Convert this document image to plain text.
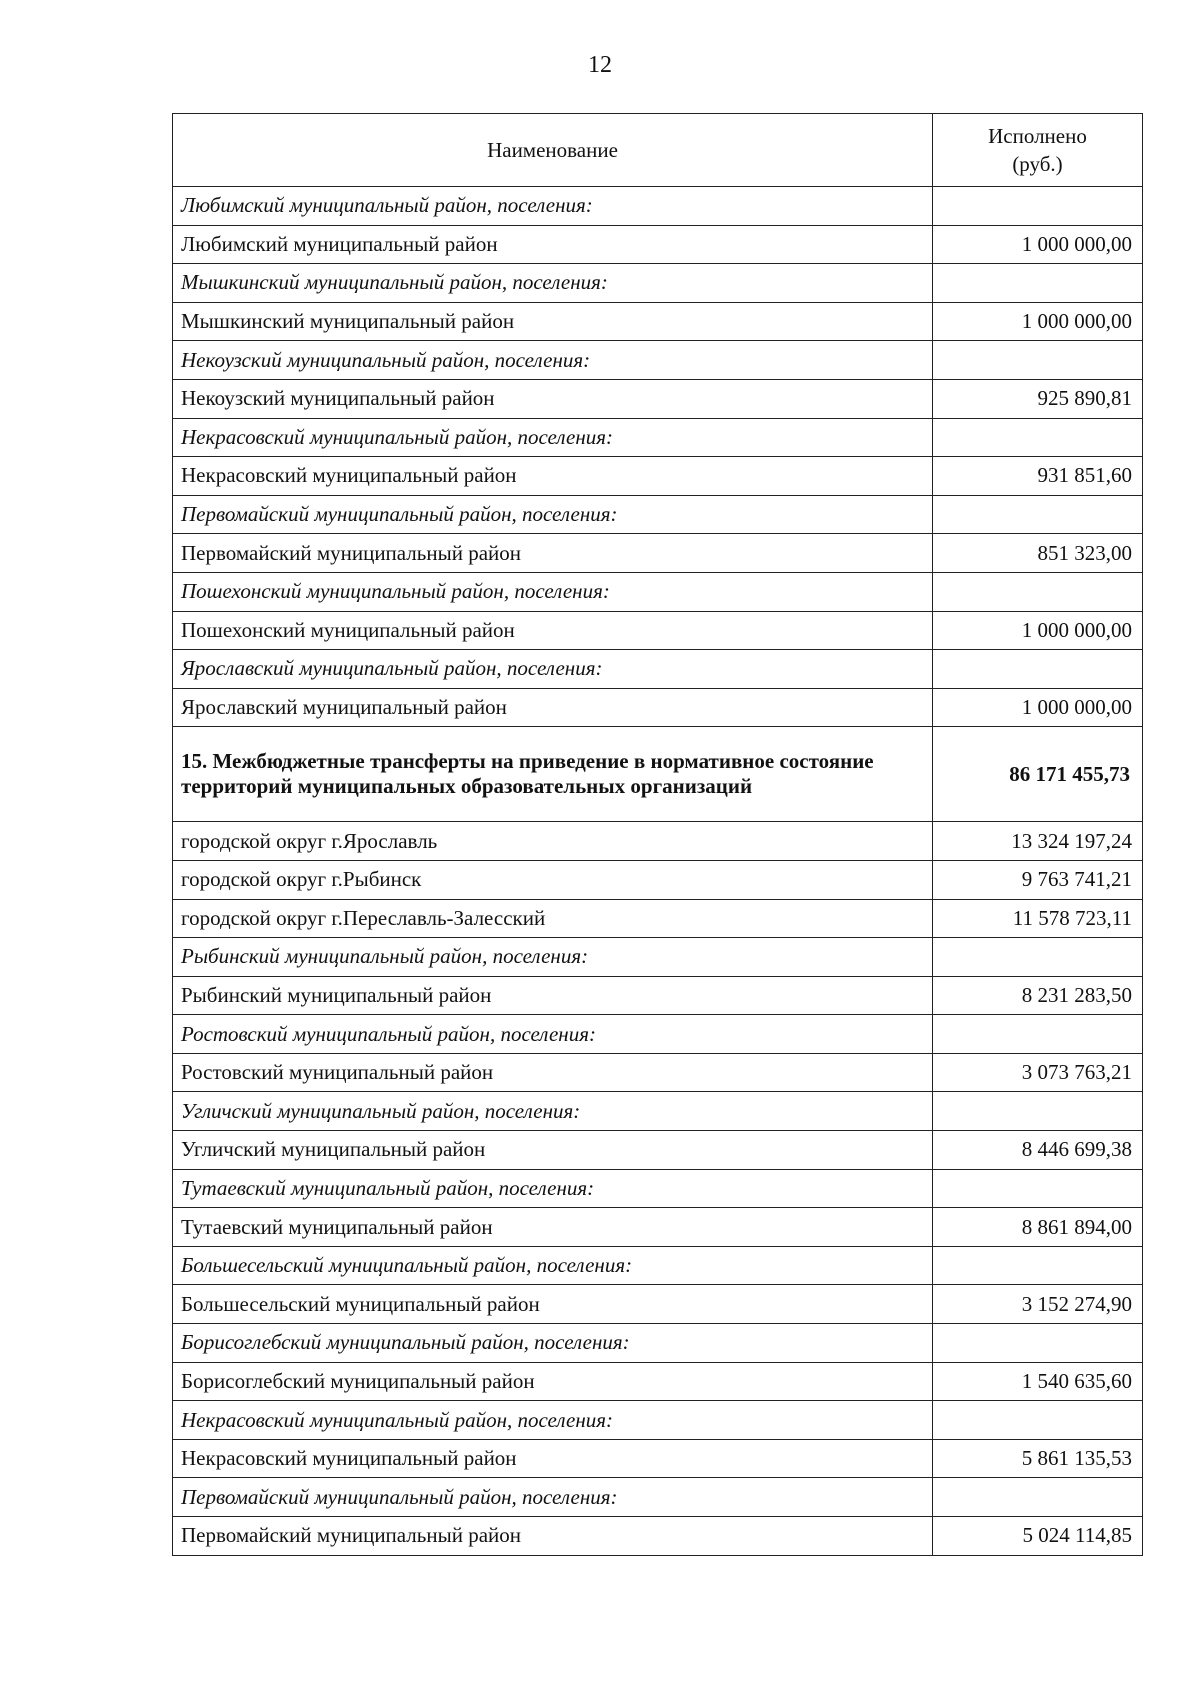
12
Наименование	Исполнено
(руб.)
Любимский муниципальный район, поселения:	
Любимский муниципальный район	1 000 000,00
Мышкинский муниципальный район, поселения:	
Мышкинский муниципальный район	1 000 000,00
Некоузский муниципальный район, поселения:	
Некоузский муниципальный район	925 890,81
Некрасовский муниципальный район, поселения:	
Некрасовский муниципальный район	931 851,60
Первомайский муниципальный район, поселения:	
Первомайский муниципальный район	851 323,00
Пошехонский муниципальный район, поселения:	
Пошехонский муниципальный район	1 000 000,00
Ярославский муниципальный район, поселения:	
Ярославский муниципальный район	1 000 000,00
15. Межбюджетные трансферты на приведение в нормативное состояние территорий муниципальных образовательных организаций	86 171 455,73
городской округ г.Ярославль	13 324 197,24
городской округ г.Рыбинск	9 763 741,21
городской округ г.Переславль-Залесский	11 578 723,11
Рыбинский муниципальный район, поселения:	
Рыбинский муниципальный район	8 231 283,50
Ростовский муниципальный район, поселения:	
Ростовский муниципальный район	3 073 763,21
Угличский муниципальный район, поселения:	
Угличский муниципальный район	8 446 699,38
Тутаевский муниципальный район, поселения:	
Тутаевский муниципальный район	8 861 894,00
Большесельский муниципальный район, поселения:	
Большесельский муниципальный район	3 152 274,90
Борисоглебский муниципальный район, поселения:	
Борисоглебский муниципальный район	1 540 635,60
Некрасовский муниципальный район, поселения:	
Некрасовский муниципальный район	5 861 135,53
Первомайский муниципальный район, поселения:	
Первомайский муниципальный район	5 024 114,85
